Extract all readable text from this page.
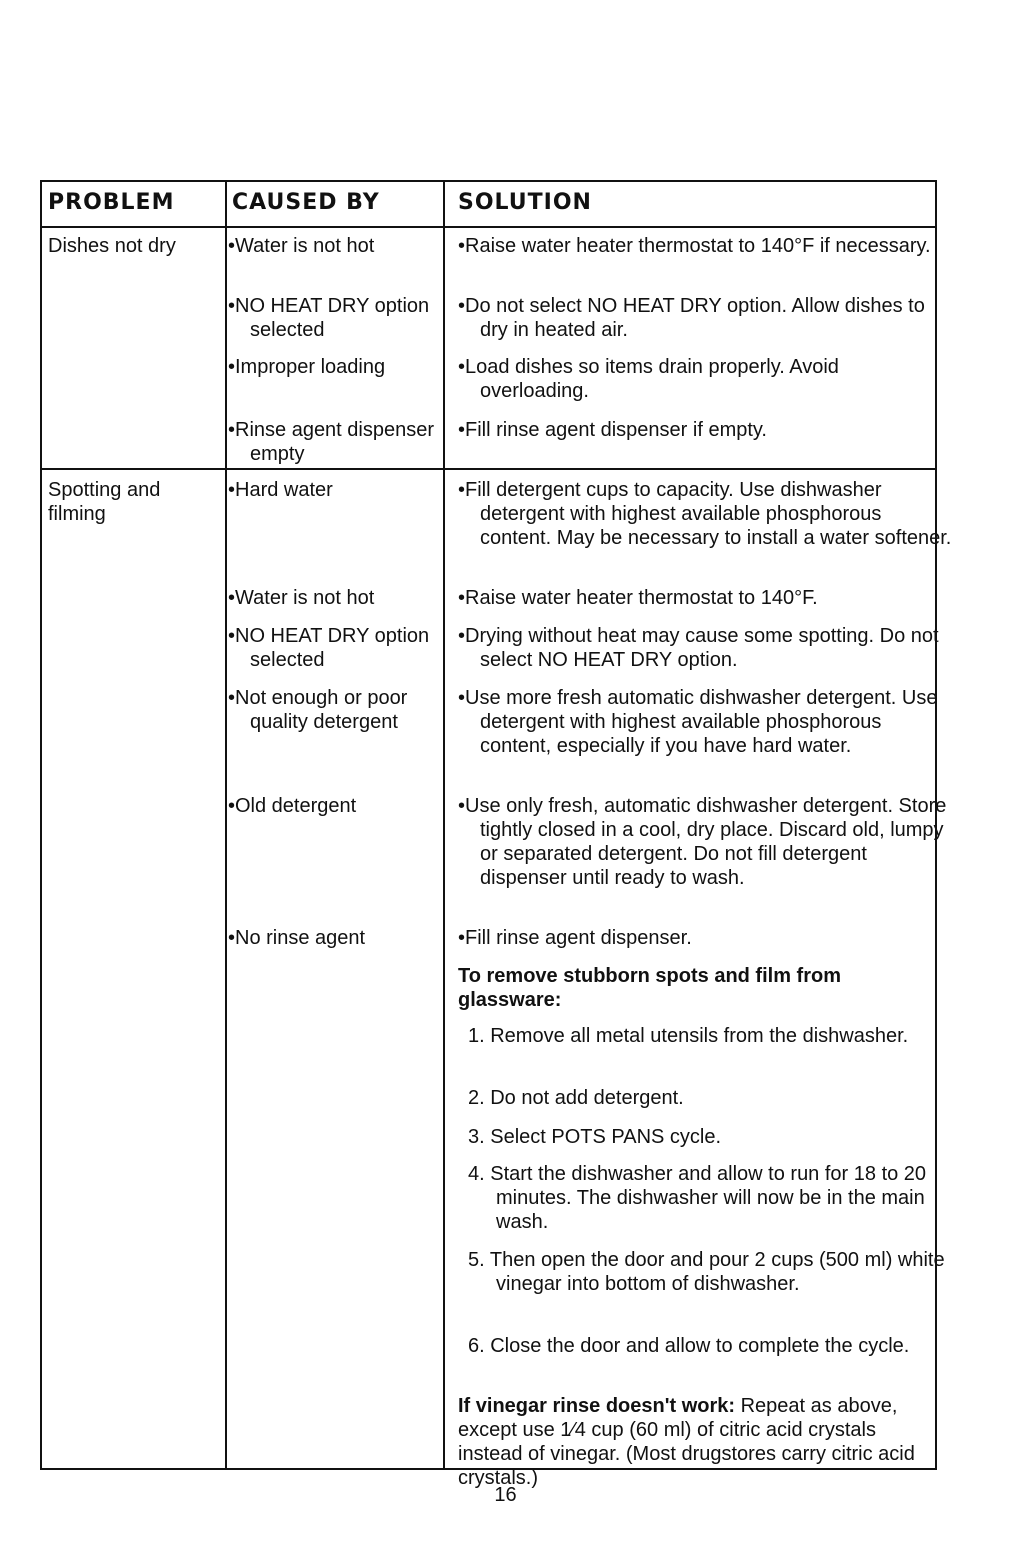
PROBLEM	CAUSED BY	SOLUTION
Dishes not dry
Spotting and filming
•Water is not hot
•NO HEAT DRY option selected
•Improper loading
•Rinse agent dispenser empty
•Hard water
•Water is not hot
•NO HEAT DRY option selected
•Not enough or poor quality detergent
•Old detergent
•No rinse agent
•Raise water heater thermostat to 140°F if necessary.
•Do not select NO HEAT DRY option. Allow dishes to dry in heated air.
•Load dishes so items drain properly. Avoid overloading.
•Fill rinse agent dispenser if empty.
•Fill detergent cups to capacity. Use dishwasher detergent with highest available phosphorous content. May be necessary to install a water softener.
•Raise water heater thermostat to 140°F.
•Drying without heat may cause some spotting. Do not select NO HEAT DRY option.
•Use more fresh automatic dishwasher detergent. Use detergent with highest available phosphorous content, especially if you have hard water.
•Use only fresh, automatic dishwasher detergent. Store tightly closed in a cool, dry place. Discard old, lumpy or separated detergent. Do not fill detergent dispenser until ready to wash.
•Fill rinse agent dispenser.
To remove stubborn spots and film from glassware:
1. Remove all metal utensils from the dishwasher.
2. Do not add detergent.
3. Select POTS PANS cycle.
4. Start the dishwasher and allow to run for 18 to 20 minutes. The dishwasher will now be in the main wash.
5. Then open the door and pour 2 cups (500 ml) white vinegar into bottom of dishwasher.
6. Close the door and allow to complete the cycle.
If vinegar rinse doesn't work: Repeat as above, except use 1⁄4 cup (60 ml) of citric acid crystals instead of vinegar. (Most drugstores carry citric acid crystals.)
16
